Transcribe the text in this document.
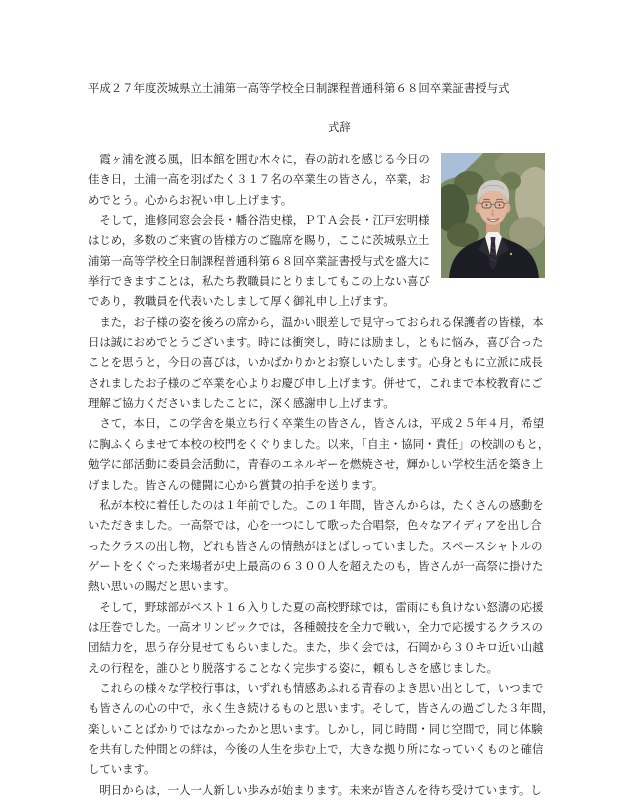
平成２７年度茨城県立土浦第一高等学校全日制課程普通科第６８回卒業証書授与式
式辞
霞ヶ浦を渡る風，旧本館を囲む木々に，春の訪れを感じる今日の
佳き日，土浦一高を羽ばたく３１７名の卒業生の皆さん，卒業，お
めでとう。心からお祝い申し上げます。
そして，進修同窓会会長・幡谷浩史様，ＰＴＡ会長・江戸宏明様
はじめ，多数のご来賓の皆様方のご臨席を賜り，ここに茨城県立土
浦第一高等学校全日制課程普通科第６８回卒業証書授与式を盛大に
挙行できますことは，私たち教職員にとりましてもこの上ない喜び
であり，教職員を代表いたしまして厚く御礼申し上げます。
また，お子様の姿を後ろの席から，温かい眼差しで見守っておられる保護者の皆様，本
日は誠におめでとうございます。時には衝突し，時には励まし，ともに悩み，喜び合った
ことを思うと，今日の喜びは，いかばかりかとお察しいたします。心身ともに立派に成長
されましたお子様のご卒業を心よりお慶び申し上げます。併せて，これまで本校教育にご
理解ご協力くださいましたことに，深く感謝申し上げます。
さて，本日，この学舎を巣立ち行く卒業生の皆さん，皆さんは，平成２５年４月，希望
に胸ふくらませて本校の校門をくぐりました。以来，「自主・協同・責任」の校訓のもと，
勉学に部活動に委員会活動に，青春のエネルギーを燃焼させ，輝かしい学校生活を築き上
げました。皆さんの健闘に心から賞賛の拍手を送ります。
私が本校に着任したのは１年前でした。この１年間，皆さんからは，たくさんの感動を
いただきました。一高祭では，心を一つにして歌った合唱祭，色々なアイディアを出し合
ったクラスの出し物，どれも皆さんの情熱がほとばしっていました。スペースシャトルの
ゲートをくぐった来場者が史上最高の６３００人を超えたのも，皆さんが一高祭に掛けた
熱い思いの賜だと思います。
そして，野球部がベスト１６入りした夏の高校野球では，雷雨にも負けない怒濤の応援
は圧巻でした。一高オリンピックでは，各種競技を全力で戦い，全力で応援するクラスの
団結力を，思う存分見せてもらいました。また，歩く会では，石岡から３０キロ近い山越
えの行程を，誰ひとり脱落することなく完歩する姿に，頼もしさを感じました。
これらの様々な学校行事は，いずれも情感あふれる青春のよき思い出として，いつまで
も皆さんの心の中で，永く生き続けるものと思います。そして，皆さんの過ごした３年間，
楽しいことばかりではなかったかと思います。しかし，同じ時間・同じ空間で，同じ体験
を共有した仲間との絆は，今後の人生を歩む上で，大きな拠り所になっていくものと確信
しています。
明日からは，一人一人新しい歩みが始まります。未来が皆さんを待ち受けています。し
